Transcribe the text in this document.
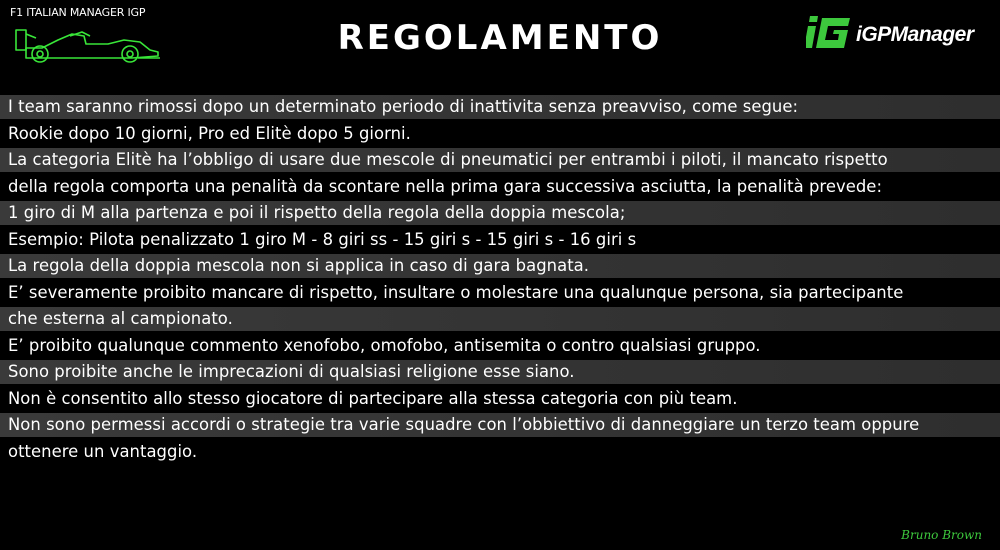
F1 ITALIAN MANAGER IGP
REGOLAMENTO	iGPManager
I team saranno rimossi dopo un determinato periodo di inattivita senza preavviso, come segue:
Rookie dopo 10 giorni, Pro ed Elitè dopo 5 giorni.
La categoria Elitè ha l’obbligo di usare due mescole di pneumatici per entrambi i piloti, il mancato rispetto
della regola comporta una penalità da scontare nella prima gara successiva asciutta, la penalità prevede:
1 giro di M alla partenza e poi il rispetto della regola della doppia mescola;
Esempio: Pilota penalizzato 1 giro M - 8 giri ss - 15 giri s - 15 giri s - 16 giri s
La regola della doppia mescola non si applica in caso di gara bagnata.
E’ severamente proibito mancare di rispetto, insultare o molestare una qualunque persona, sia partecipante
che esterna al campionato.
E’ proibito qualunque commento xenofobo, omofobo, antisemita o contro qualsiasi gruppo.
Sono proibite anche le imprecazioni di qualsiasi religione esse siano.
Non è consentito allo stesso giocatore di partecipare alla stessa categoria con più team.
Non sono permessi accordi o strategie tra varie squadre con l’obbiettivo di danneggiare un terzo team oppure
ottenere un vantaggio.
Bruno Brown
